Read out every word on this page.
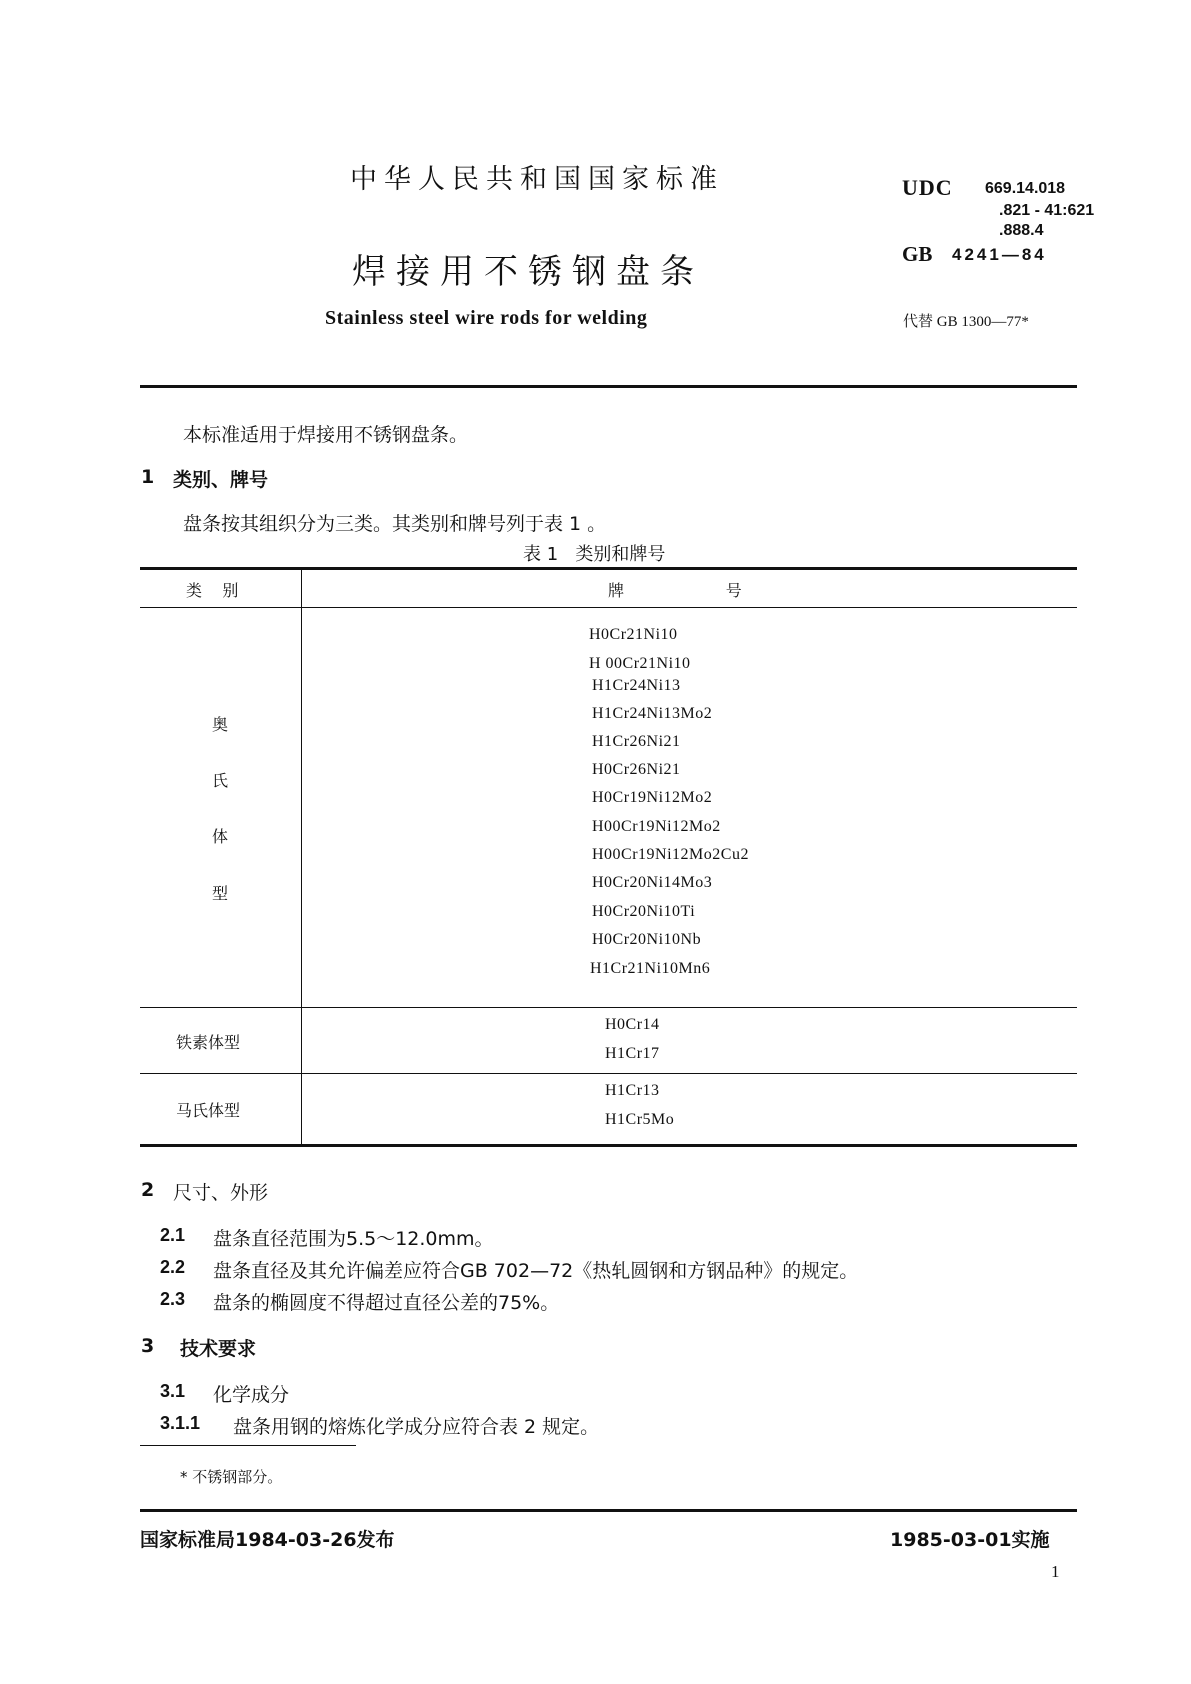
中华人民共和国国家标准
焊接用不锈钢盘条
Stainless steel wire rods for welding
UDC 669.14.018
.821 - 41:621
.888.4
GB 4241—84
代替 GB 1300—77*
本标准适用于焊接用不锈钢盘条。
1 类别、牌号
盘条按其组织分为三类。其类别和牌号列于表 1 。
表 1   类别和牌号
类    别	牌                    号
奥
氏
体
型
H0Cr21Ni10
H 00Cr21Ni10
H1Cr24Ni13
H1Cr24Ni13Mo2
H1Cr26Ni21
H0Cr26Ni21
H0Cr19Ni12Mo2
H00Cr19Ni12Mo2
H00Cr19Ni12Mo2Cu2
H0Cr20Ni14Mo3
H0Cr20Ni10Ti
H0Cr20Ni10Nb
H1Cr21Ni10Mn6
铁素体型
H0Cr14
H1Cr17
马氏体型
H1Cr13
H1Cr5Mo
2 尺寸、外形
2.1 盘条直径范围为5.5～12.0mm。
2.2 盘条直径及其允许偏差应符合GB 702—72《热轧圆钢和方钢品种》的规定。
2.3 盘条的椭圆度不得超过直径公差的75%。
3 技术要求
3.1 化学成分
3.1.1 盘条用钢的熔炼化学成分应符合表 2 规定。
* 不锈钢部分。
国家标准局1984-03-26发布	1985-03-01实施
1
